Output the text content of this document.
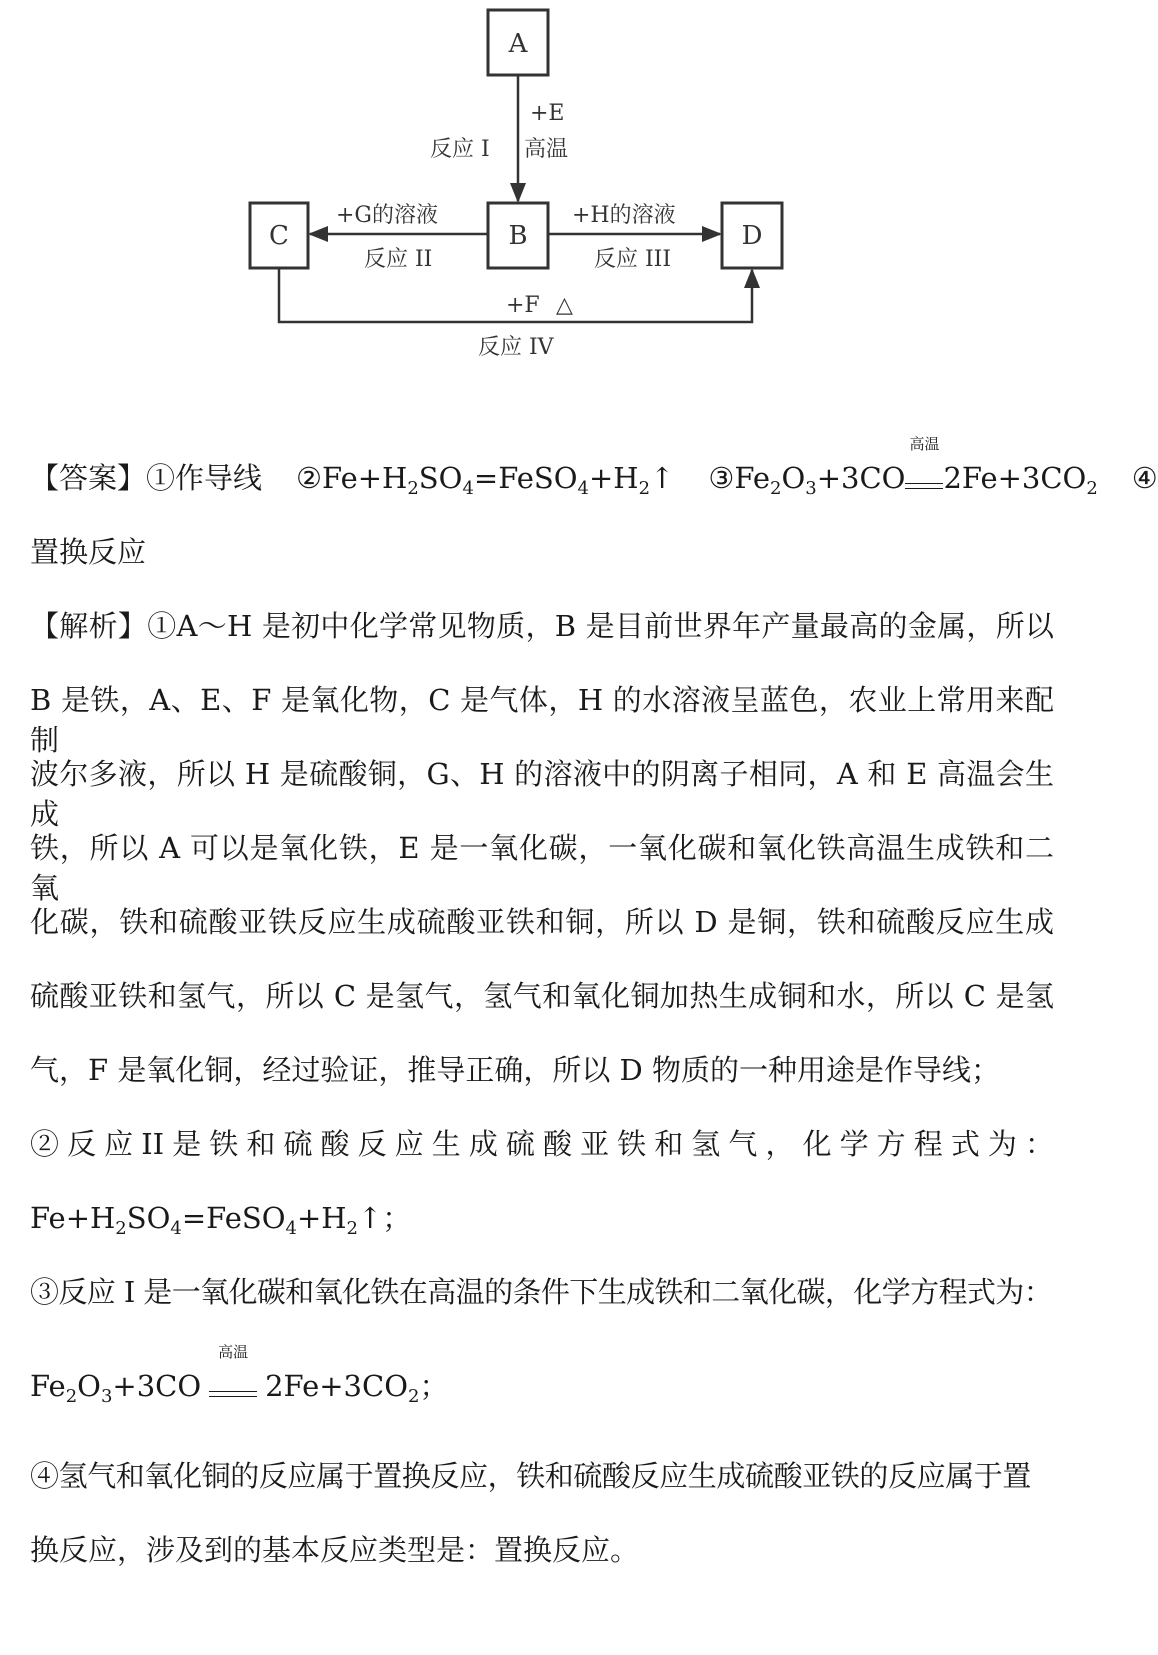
A
B
C	D
+E
高温
反应 I
+G的溶液
反应 II
+H的溶液
反应 III
+F △
反应 IV
【答案】①作导线 $②Fe+H_2SO_4=FeSO_4+H_2↑$ $③Fe_2O_3+3CO$
高温
$2Fe+3CO_2$ ④
置换反应
【解析】①A～H 是初中化学常见物质，B 是目前世界年产量最高的金属，所以
B 是铁，A、E、F 是氧化物，C 是气体，H 的水溶液呈蓝色，农业上常用来配制
波尔多液，所以 H 是硫酸铜，G、H 的溶液中的阴离子相同，A 和 E 高温会生成
铁，所以 A 可以是氧化铁，E 是一氧化碳，一氧化碳和氧化铁高温生成铁和二氧
化碳，铁和硫酸亚铁反应生成硫酸亚铁和铜，所以 D 是铜，铁和硫酸反应生成
硫酸亚铁和氢气，所以 C 是氢气，氢气和氧化铜加热生成铜和水，所以 C 是氢
气，F 是氧化铜，经过验证，推导正确，所以 D 物质的一种用途是作导线；
②反应II是铁和硫酸反应生成硫酸亚铁和氢气，化学方程式为：
$Fe+H_2SO_4=FeSO_4+H_2↑$；
③反应 I 是一氧化碳和氧化铁在高温的条件下生成铁和二氧化碳，化学方程式为：
$Fe_2O_3+3CO$
高温
$2Fe+3CO_2$；
④氢气和氧化铜的反应属于置换反应，铁和硫酸反应生成硫酸亚铁的反应属于置
换反应，涉及到的基本反应类型是：置换反应。
